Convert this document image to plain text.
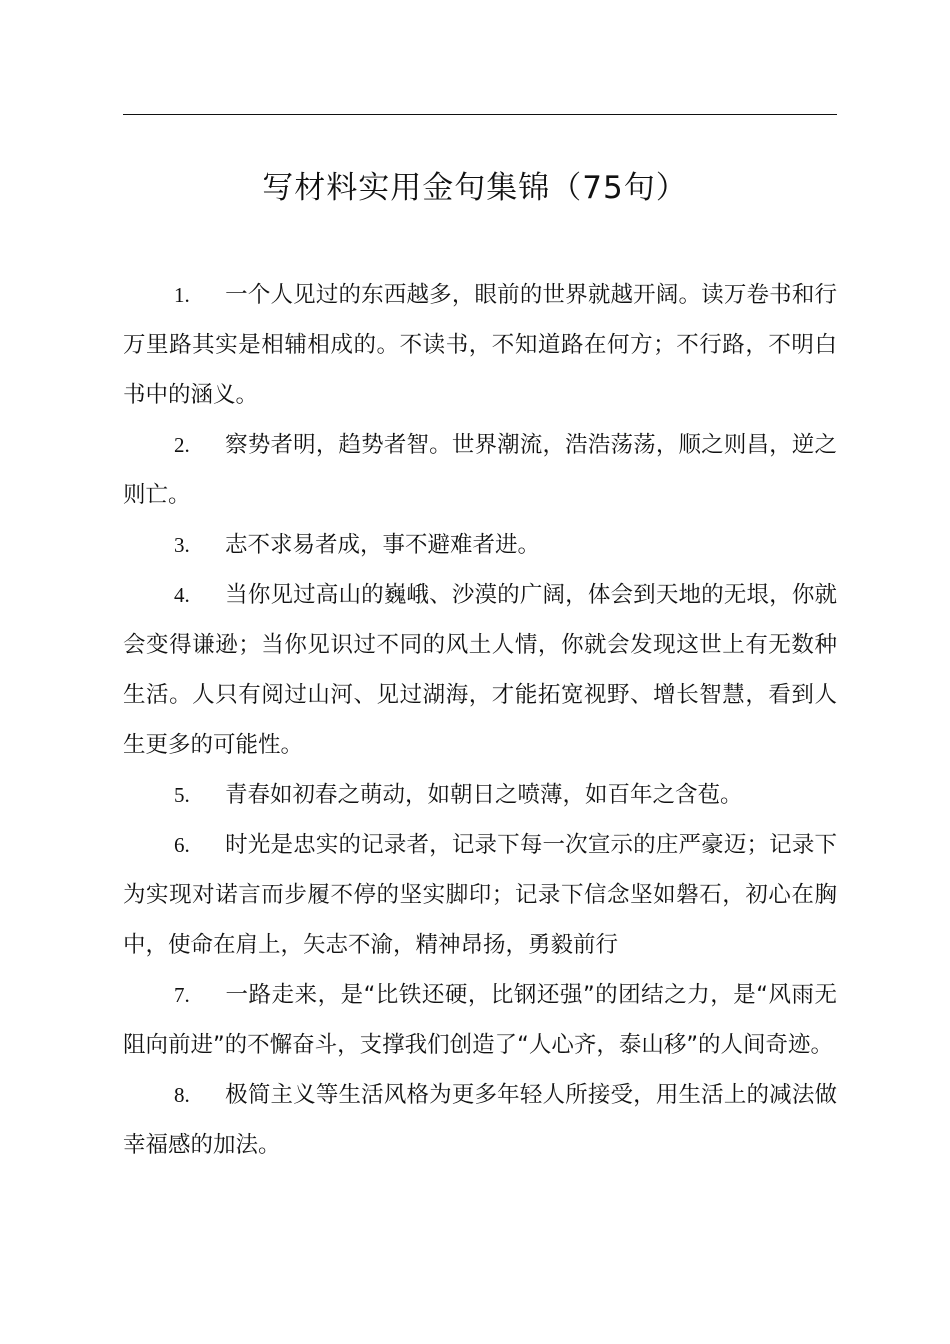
写材料实用金句集锦（75句）

1. 一个人见过的东西越多，眼前的世界就越开阔。读万卷书和行万里路其实是相辅相成的。不读书，不知道路在何方；不行路，不明白书中的涵义。

2. 察势者明，趋势者智。世界潮流，浩浩荡荡，顺之则昌，逆之则亡。

3. 志不求易者成，事不避难者进。

4. 当你见过高山的巍峨、沙漠的广阔，体会到天地的无垠，你就会变得谦逊；当你见识过不同的风土人情，你就会发现这世上有无数种生活。人只有阅过山河、见过湖海，才能拓宽视野、增长智慧，看到人生更多的可能性。

5. 青春如初春之萌动，如朝日之喷薄，如百年之含苞。

6. 时光是忠实的记录者，记录下每一次宣示的庄严豪迈；记录下为实现对诺言而步履不停的坚实脚印；记录下信念坚如磐石，初心在胸中，使命在肩上，矢志不渝，精神昂扬，勇毅前行

7. 一路走来，是“比铁还硬，比钢还强”的团结之力，是“风雨无阻向前进”的不懈奋斗，支撑我们创造了“人心齐，泰山移”的人间奇迹。

8. 极简主义等生活风格为更多年轻人所接受，用生活上的减法做幸福感的加法。
